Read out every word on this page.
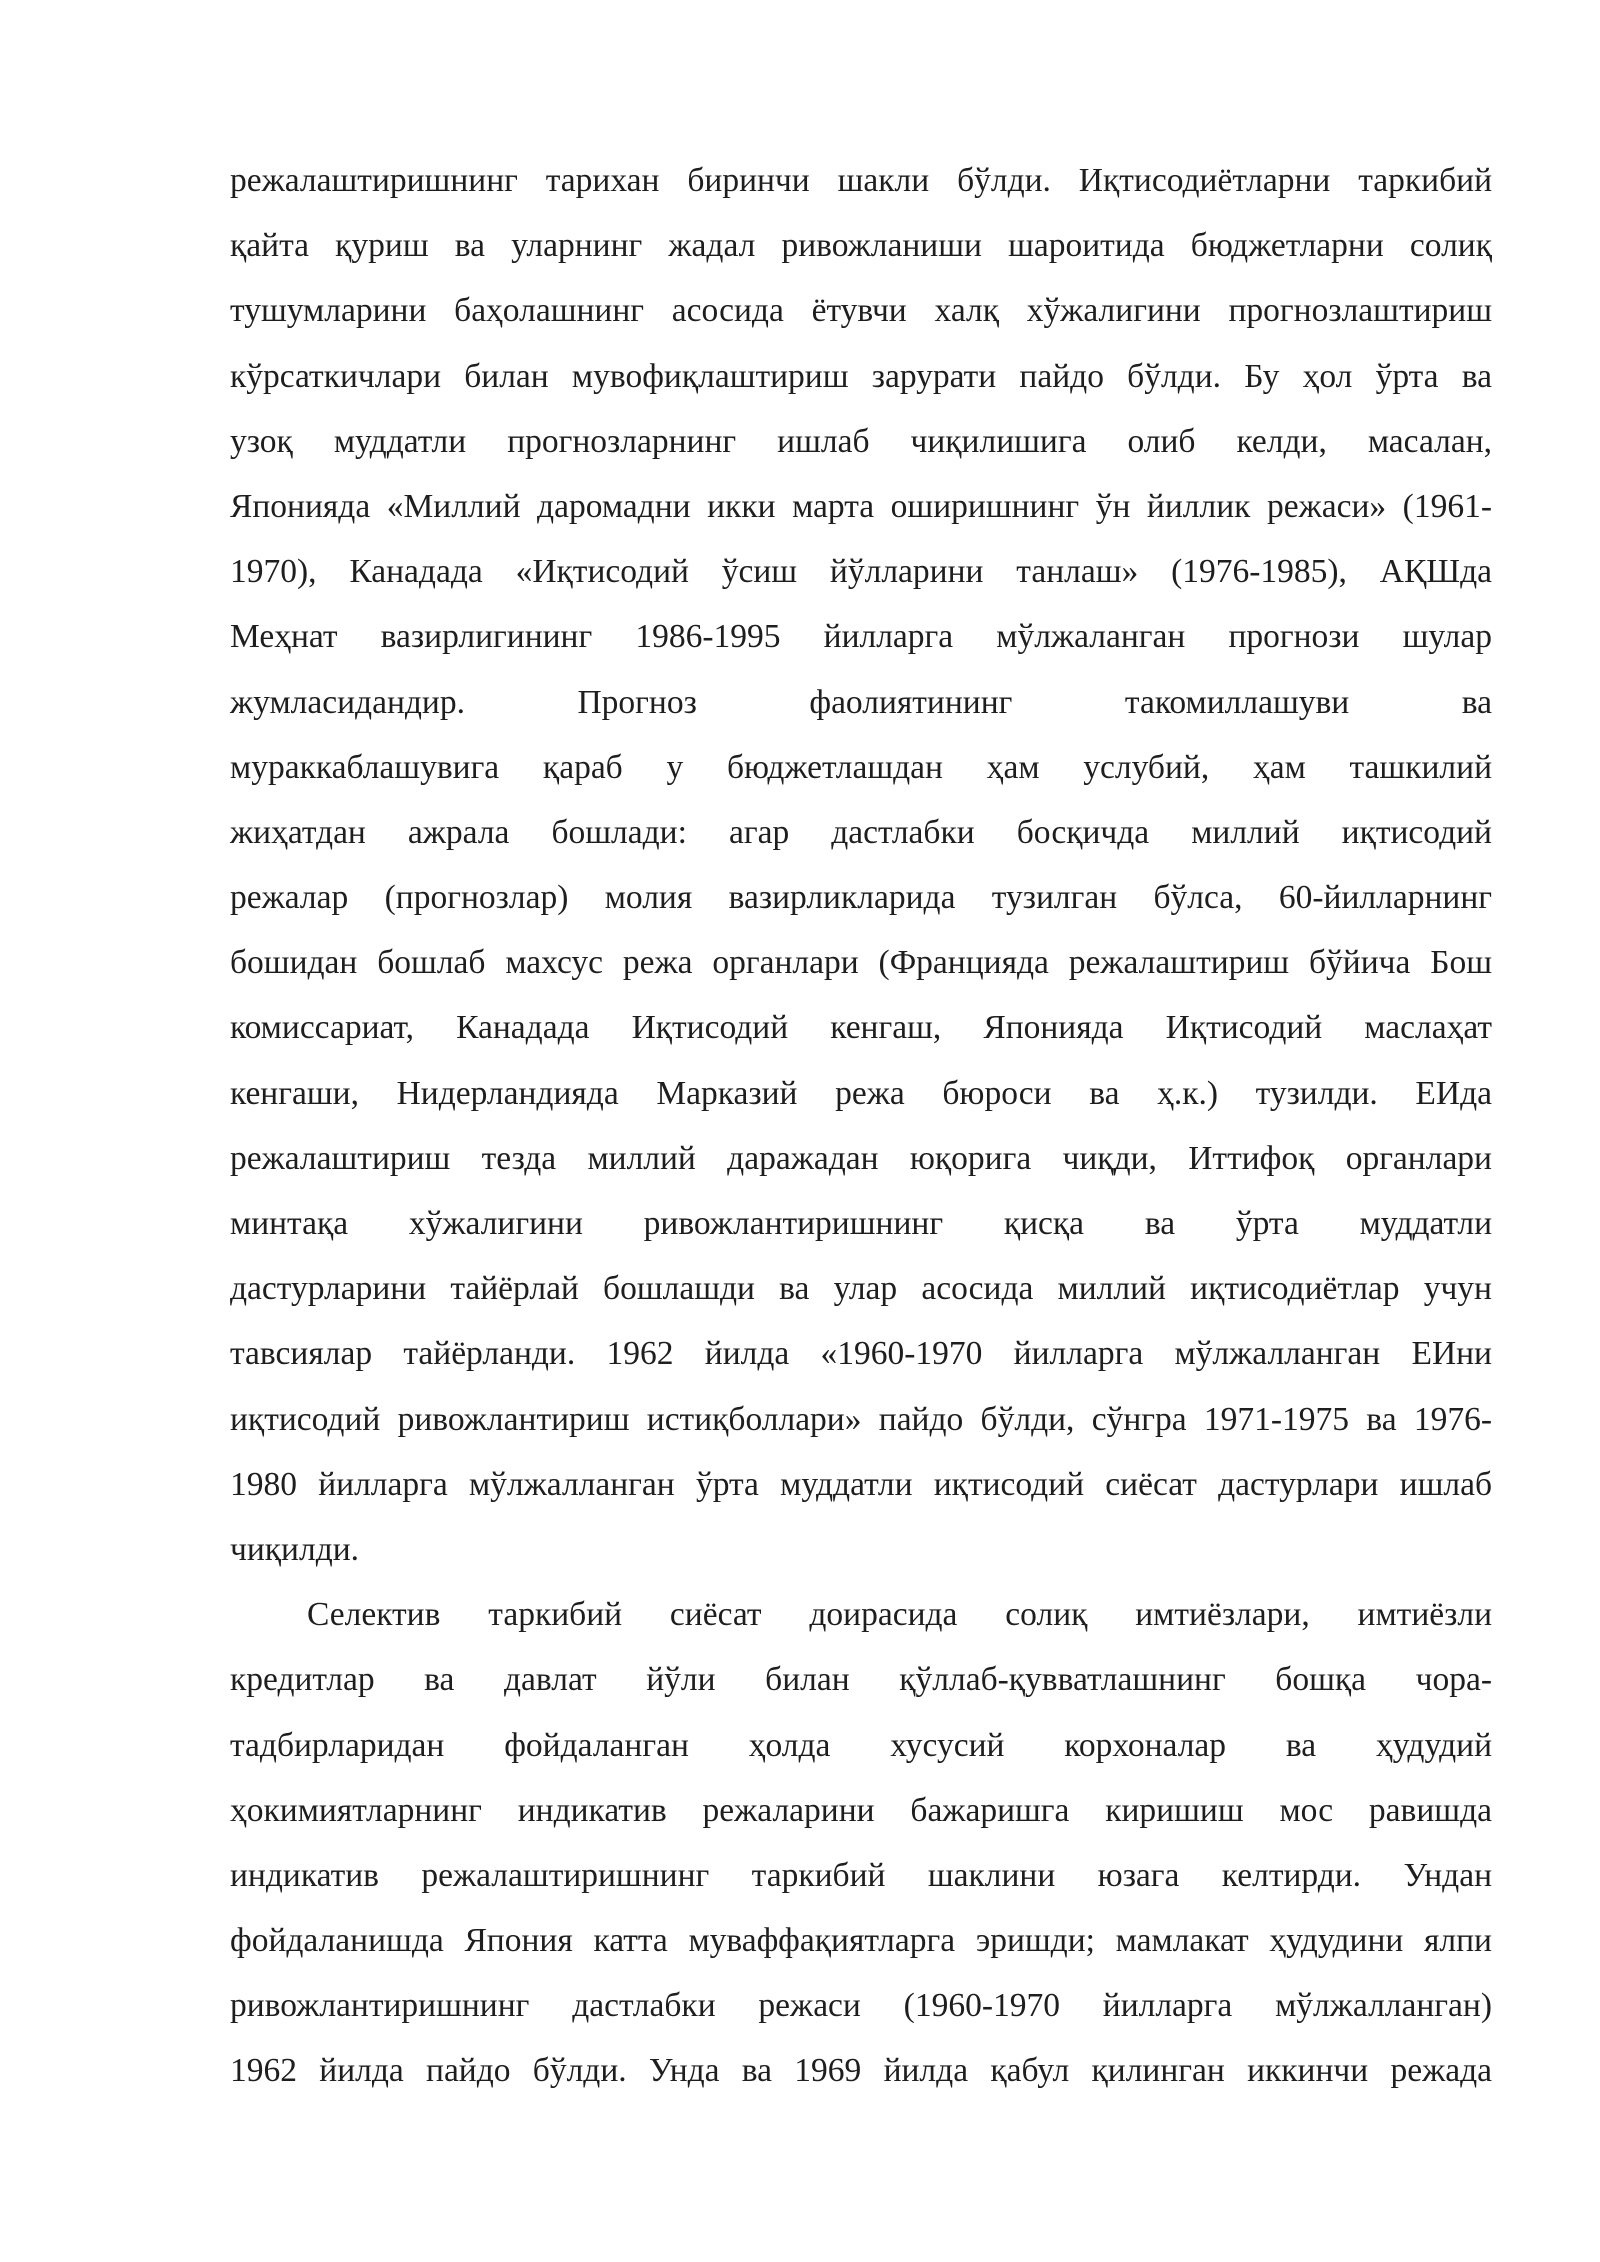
режалаштиришнинг тарихан биринчи шакли бўлди. Иқтисодиётларни таркибий
қайта қуриш ва уларнинг жадал ривожланиши шароитида бюджетларни солиқ
тушумларини баҳолашнинг асосида ётувчи халқ хўжалигини прогнозлаштириш
кўрсаткичлари билан мувофиқлаштириш зарурати пайдо бўлди. Бу ҳол ўрта ва
узоқ муддатли прогнозларнинг ишлаб чиқилишига олиб келди, масалан,
Японияда «Миллий даромадни икки марта оширишнинг ўн йиллик режаси» (1961-
1970), Канадада «Иқтисодий ўсиш йўлларини танлаш» (1976-1985), АҚШда
Меҳнат вазирлигининг 1986-1995 йилларга мўлжаланган прогнози шулар
жумласидандир. Прогноз фаолиятининг такомиллашуви ва
мураккаблашувига қараб у бюджетлашдан ҳам услубий, ҳам ташкилий
жиҳатдан ажрала бошлади: агар дастлабки босқичда миллий иқтисодий
режалар (прогнозлар) молия вазирликларида тузилган бўлса, 60-йилларнинг
бошидан бошлаб махсус режа органлари (Францияда режалаштириш бўйича Бош
комиссариат, Канадада Иқтисодий кенгаш, Японияда Иқтисодий маслаҳат
кенгаши, Нидерландияда Марказий режа бюроси ва ҳ.к.) тузилди. ЕИда
режалаштириш тезда миллий даражадан юқорига чиқди, Иттифоқ органлари
минтақа хўжалигини ривожлантиришнинг қисқа ва ўрта муддатли
дастурларини тайёрлай бошлашди ва улар асосида миллий иқтисодиётлар учун
тавсиялар тайёрланди. 1962 йилда «1960-1970 йилларга мўлжалланган ЕИни
иқтисодий ривожлантириш истиқболлари» пайдо бўлди, сўнгра 1971-1975 ва 1976-
1980 йилларга мўлжалланган ўрта муддатли иқтисодий сиёсат дастурлари ишлаб
чиқилди.
Селектив таркибий сиёсат доирасида солиқ имтиёзлари, имтиёзли
кредитлар ва давлат йўли билан қўллаб-қувватлашнинг бошқа чора-
тадбирларидан фойдаланган ҳолда хусусий корхоналар ва ҳудудий
ҳокимиятларнинг индикатив режаларини бажаришга киришиш мос равишда
индикатив режалаштиришнинг таркибий шаклини юзага келтирди. Ундан
фойдаланишда Япония катта муваффақиятларга эришди; мамлакат ҳудудини ялпи
ривожлантиришнинг дастлабки режаси (1960-1970 йилларга мўлжалланган)
1962 йилда пайдо бўлди. Унда ва 1969 йилда қабул қилинган иккинчи режада
